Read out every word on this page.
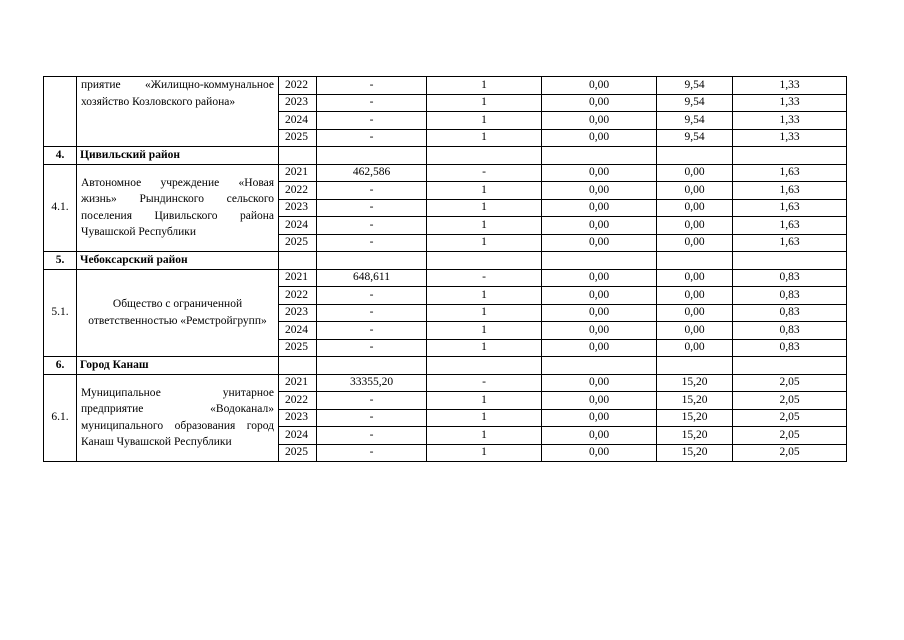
	приятие «Жилищно-коммунальное хозяйство Козловского района»	2022	-	1	0,00	9,54	1,33
		2023	-	1	0,00	9,54	1,33
		2024	-	1	0,00	9,54	1,33
		2025	-	1	0,00	9,54	1,33
4.	Цивильский район						
4.1.	Автономное учреждение «Новая жизнь» Рындинского сельского поселения Цивильского района Чувашской Республики	2021	462,586	-	0,00	0,00	1,63
		2022	-	1	0,00	0,00	1,63
		2023	-	1	0,00	0,00	1,63
		2024	-	1	0,00	0,00	1,63
		2025	-	1	0,00	0,00	1,63
5.	Чебоксарский район						
5.1.	Общество с ограниченной ответственностью «Ремстройгрупп»	2021	648,611	-	0,00	0,00	0,83
		2022	-	1	0,00	0,00	0,83
		2023	-	1	0,00	0,00	0,83
		2024	-	1	0,00	0,00	0,83
		2025	-	1	0,00	0,00	0,83
6.	Город Канаш						
6.1.	Муниципальное унитарное предприятие «Водоканал» муниципального образования город Канаш Чувашской Республики	2021	33355,20	-	0,00	15,20	2,05
		2022	-	1	0,00	15,20	2,05
		2023	-	1	0,00	15,20	2,05
		2024	-	1	0,00	15,20	2,05
		2025	-	1	0,00	15,20	2,05
